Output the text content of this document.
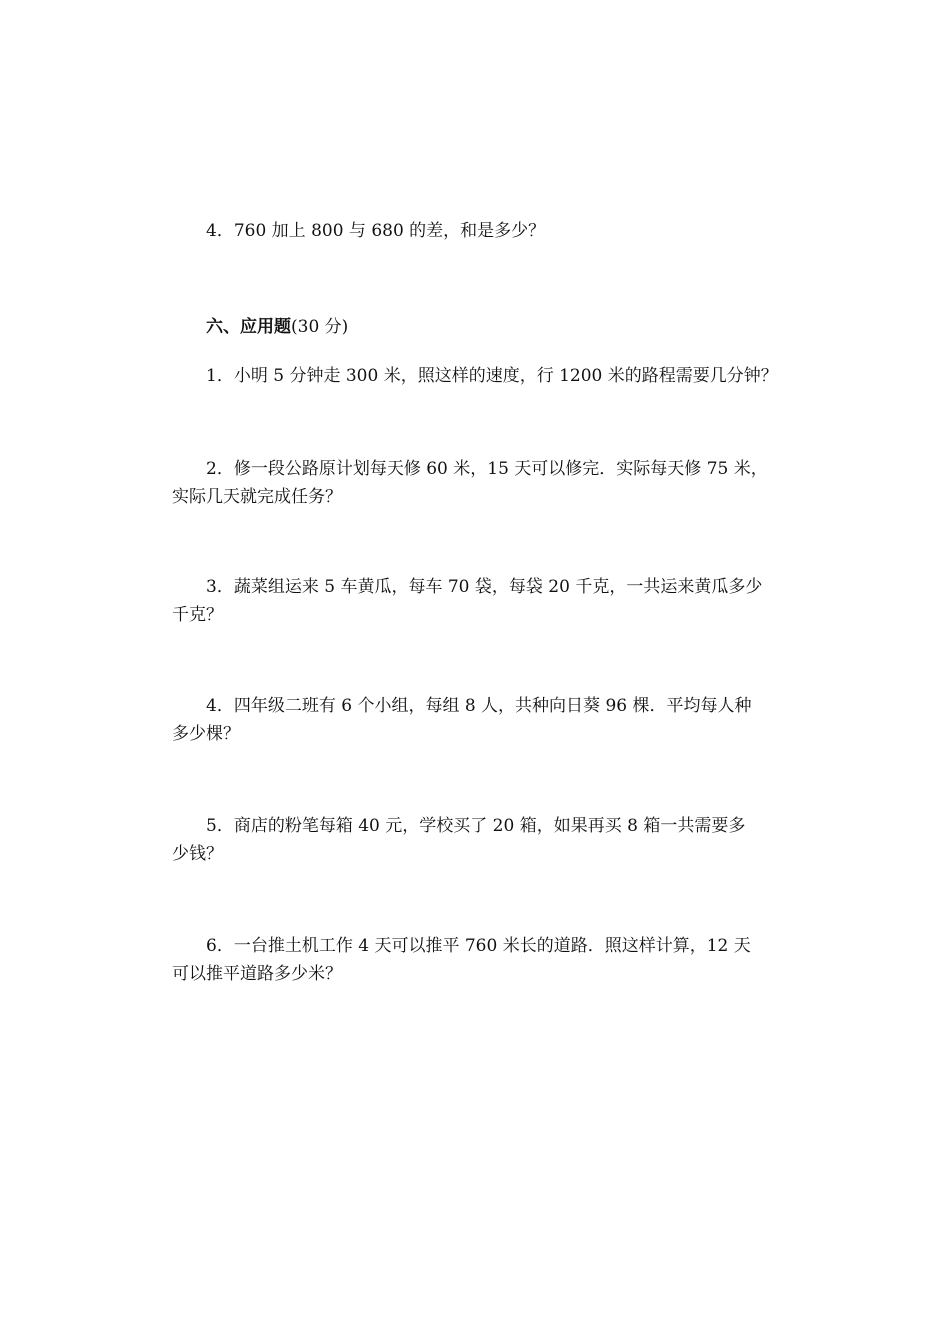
4．760 加上 800 与 680 的差，和是多少？
六、应用题(30 分)
1．小明 5 分钟走 300 米，照这样的速度，行 1200 米的路程需要几分钟？
2．修一段公路原计划每天修 60 米，15 天可以修完．实际每天修 75 米，
实际几天就完成任务？
3．蔬菜组运来 5 车黄瓜，每车 70 袋，每袋 20 千克，一共运来黄瓜多少
千克？
4．四年级二班有 6 个小组，每组 8 人，共种向日葵 96 棵．平均每人种
多少棵？
5．商店的粉笔每箱 40 元，学校买了 20 箱，如果再买 8 箱一共需要多
少钱？
6．一台推土机工作 4 天可以推平 760 米长的道路．照这样计算，12 天
可以推平道路多少米？
